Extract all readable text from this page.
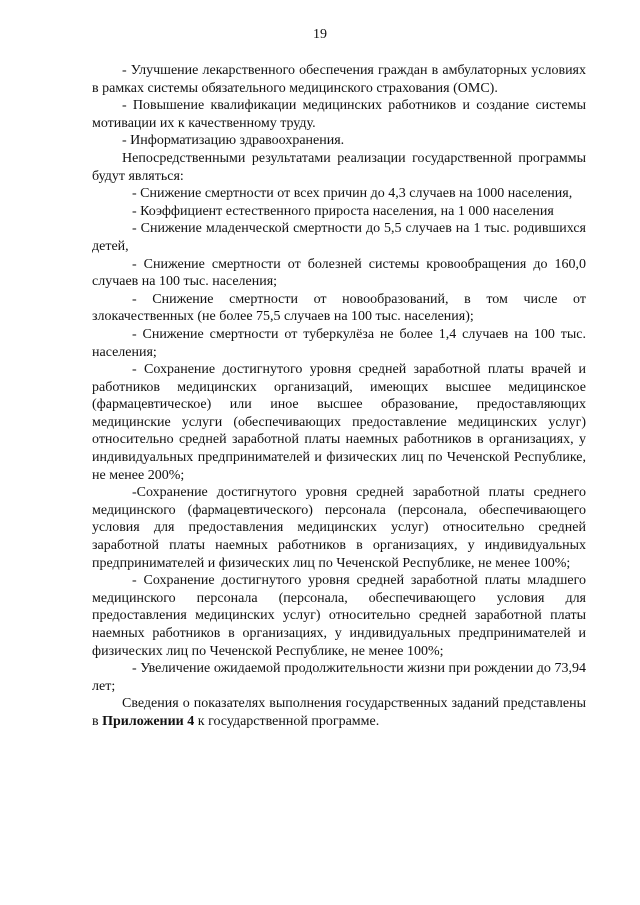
19

- Улучшение лекарственного обеспечения граждан в амбулаторных условиях в рамках системы обязательного медицинского страхования (ОМС).

- Повышение квалификации медицинских работников и создание системы мотивации их к качественному труду.

- Информатизацию здравоохранения.

Непосредственными результатами реализации государственной программы будут являться:

- Снижение смертности от всех причин до 4,3 случаев на 1000 населения,

- Коэффициент естественного прироста населения, на 1 000 населения

- Снижение младенческой смертности до 5,5 случаев на 1 тыс. родившихся детей,

- Снижение смертности от болезней системы кровообращения до 160,0 случаев на 100 тыс. населения;

- Снижение смертности от новообразований, в том числе от злокачественных (не более 75,5 случаев на 100 тыс. населения);

- Снижение смертности от туберкулёза не более 1,4 случаев на 100 тыс. населения;

- Сохранение достигнутого уровня средней заработной платы врачей и работников медицинских организаций, имеющих высшее медицинское (фармацевтическое) или иное высшее образование, предоставляющих медицинские услуги (обеспечивающих предоставление медицинских услуг) относительно средней заработной платы наемных работников в организациях, у индивидуальных предпринимателей и физических лиц по Чеченской Республике, не менее 200%;

-Сохранение достигнутого уровня средней заработной платы среднего медицинского (фармацевтического) персонала (персонала, обеспечивающего условия для предоставления медицинских услуг) относительно средней заработной платы наемных работников в организациях, у индивидуальных предпринимателей и физических лиц по Чеченской Республике, не менее 100%;

- Сохранение достигнутого уровня средней заработной платы младшего медицинского персонала (персонала, обеспечивающего условия для предоставления медицинских услуг) относительно средней заработной платы наемных работников в организациях, у индивидуальных предпринимателей и физических лиц по Чеченской Республике, не менее 100%;

- Увеличение ожидаемой продолжительности жизни при рождении до 73,94 лет;

Сведения о показателях выполнения государственных заданий представлены в Приложении 4 к государственной программе.
